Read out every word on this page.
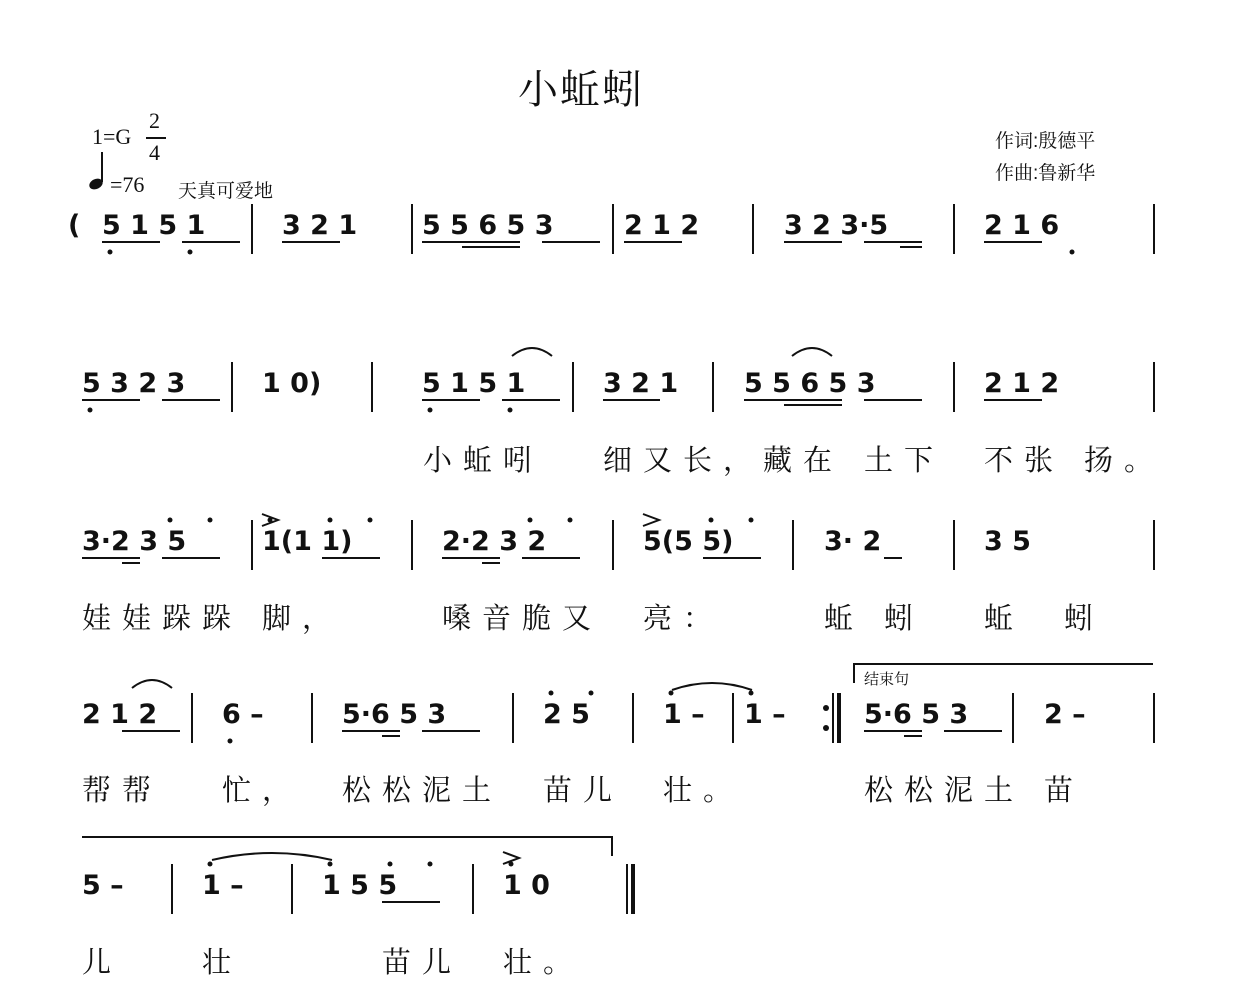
小蚯蚓
1=G
2
4
=76 天真可爱地
作词:殷德平
作曲:鲁新华
( 5 1 5 1	3 2 1 5 5 6 5 3	2 1 2	3 2 3·5	2 1 6
5 3 2 3	1 0)	5 1 5 1	3 2 1 5 5 6 5 3	2 1 2
小蚯吲 细又长，藏在 土下 不张 扬。
3·2 3 5	1(1 1)	2·2 3 2	5(5 5)	3· 2	3 5
娃娃跺跺 脚，	嗓音脆又 亮：	蚯 蚓 蚯 蚓
结束句
2 1 2 6 –	5·6 5 3	2 5	1 – 1 –	5·6 5 3	2 –
帮帮 忙， 松松泥土 苗儿 壮。	松松泥土 苗
5 –	1 –	1 5 5	1 0
儿	壮	苗儿 壮。
